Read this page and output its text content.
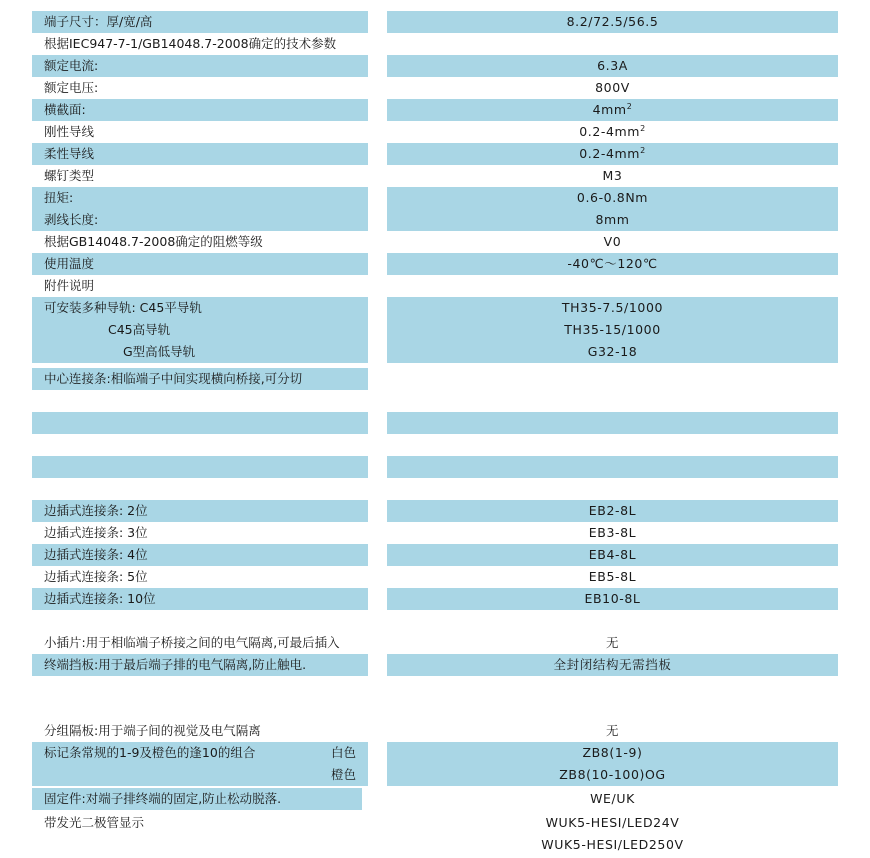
端子尺寸：厚/宽/高	8.2/72.5/56.5
根据IEC947-7-1/GB14048.7-2008确定的技术参数
额定电流:	6.3A
额定电压:	800V
横截面:	$4mm^2$
刚性导线	$0.2-4mm^2$
柔性导线	$0.2-4mm^2$
螺钉类型	M3
扭矩:	0.6-0.8Nm
剥线长度:	8mm
根据GB14048.7-2008确定的阻燃等级	V0
使用温度	-40℃～120℃
附件说明
可安装多种导轨: C45平导轨	TH35-7.5/1000
C45高导轨	TH35-15/1000
G型高低导轨	G32-18
中心连接条:相临端子中间实现横向桥接,可分切
边插式连接条: 2位	EB2-8L
边插式连接条: 3位	EB3-8L
边插式连接条: 4位	EB4-8L
边插式连接条: 5位	EB5-8L
边插式连接条: 10位	EB10-8L
小插片:用于相临端子桥接之间的电气隔离,可最后插入	无
终端挡板:用于最后端子排的电气隔离,防止触电.	全封闭结构无需挡板
分组隔板:用于端子间的视觉及电气隔离	无
标记条常规的1-9及橙色的逢10的组合	白色	ZB8(1-9)
橙色	ZB8(10-100)OG
固定件:对端子排终端的固定,防止松动脱落.	WE/UK
带发光二极管显示	WUK5-HESI/LED24V
WUK5-HESI/LED250V
